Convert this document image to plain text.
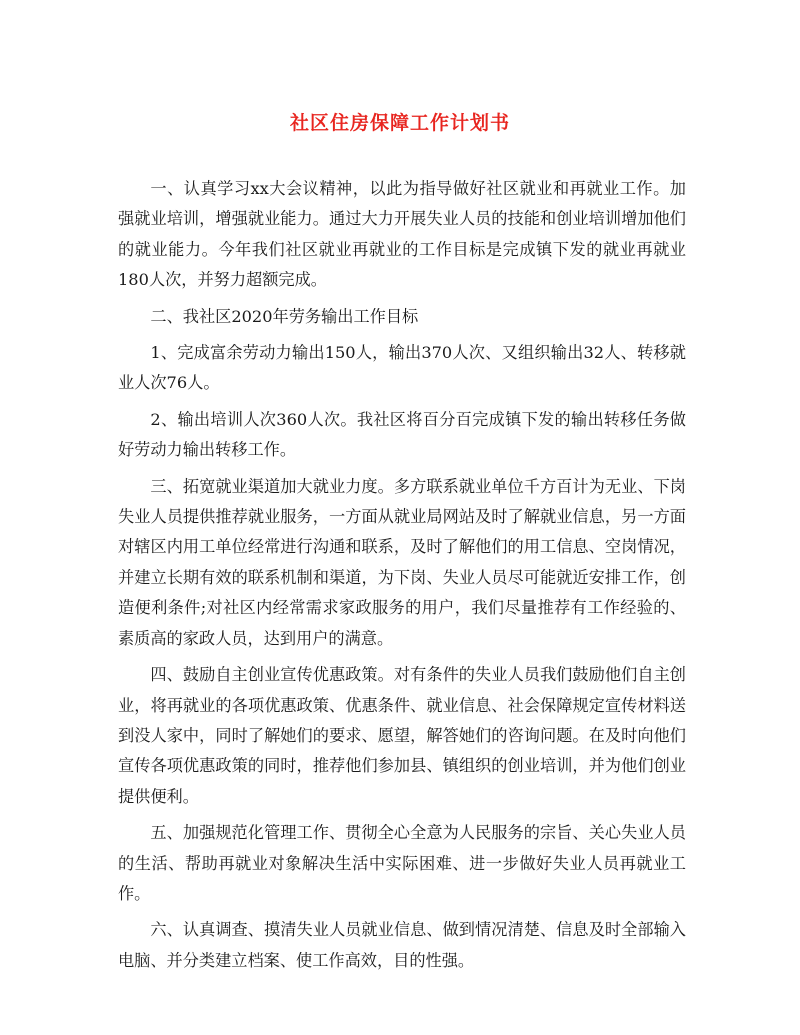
社区住房保障工作计划书

一、认真学习xx大会议精神，以此为指导做好社区就业和再就业工作。加强就业培训，增强就业能力。通过大力开展失业人员的技能和创业培训增加他们的就业能力。今年我们社区就业再就业的工作目标是完成镇下发的就业再就业180人次，并努力超额完成。

二、我社区2020年劳务输出工作目标

1、完成富余劳动力输出150人，输出370人次、又组织输出32人、转移就业人次76人。

2、输出培训人次360人次。我社区将百分百完成镇下发的输出转移任务做好劳动力输出转移工作。

三、拓宽就业渠道加大就业力度。多方联系就业单位千方百计为无业、下岗失业人员提供推荐就业服务，一方面从就业局网站及时了解就业信息，另一方面对辖区内用工单位经常进行沟通和联系，及时了解他们的用工信息、空岗情况，并建立长期有效的联系机制和渠道，为下岗、失业人员尽可能就近安排工作，创造便利条件;对社区内经常需求家政服务的用户，我们尽量推荐有工作经验的、素质高的家政人员，达到用户的满意。

四、鼓励自主创业宣传优惠政策。对有条件的失业人员我们鼓励他们自主创业，将再就业的各项优惠政策、优惠条件、就业信息、社会保障规定宣传材料送到没人家中，同时了解她们的要求、愿望，解答她们的咨询问题。在及时向他们宣传各项优惠政策的同时，推荐他们参加县、镇组织的创业培训，并为他们创业提供便利。

五、加强规范化管理工作、贯彻全心全意为人民服务的宗旨、关心失业人员的生活、帮助再就业对象解决生活中实际困难、进一步做好失业人员再就业工作。

六、认真调查、摸清失业人员就业信息、做到情况清楚、信息及时全部输入电脑、并分类建立档案、使工作高效，目的性强。
